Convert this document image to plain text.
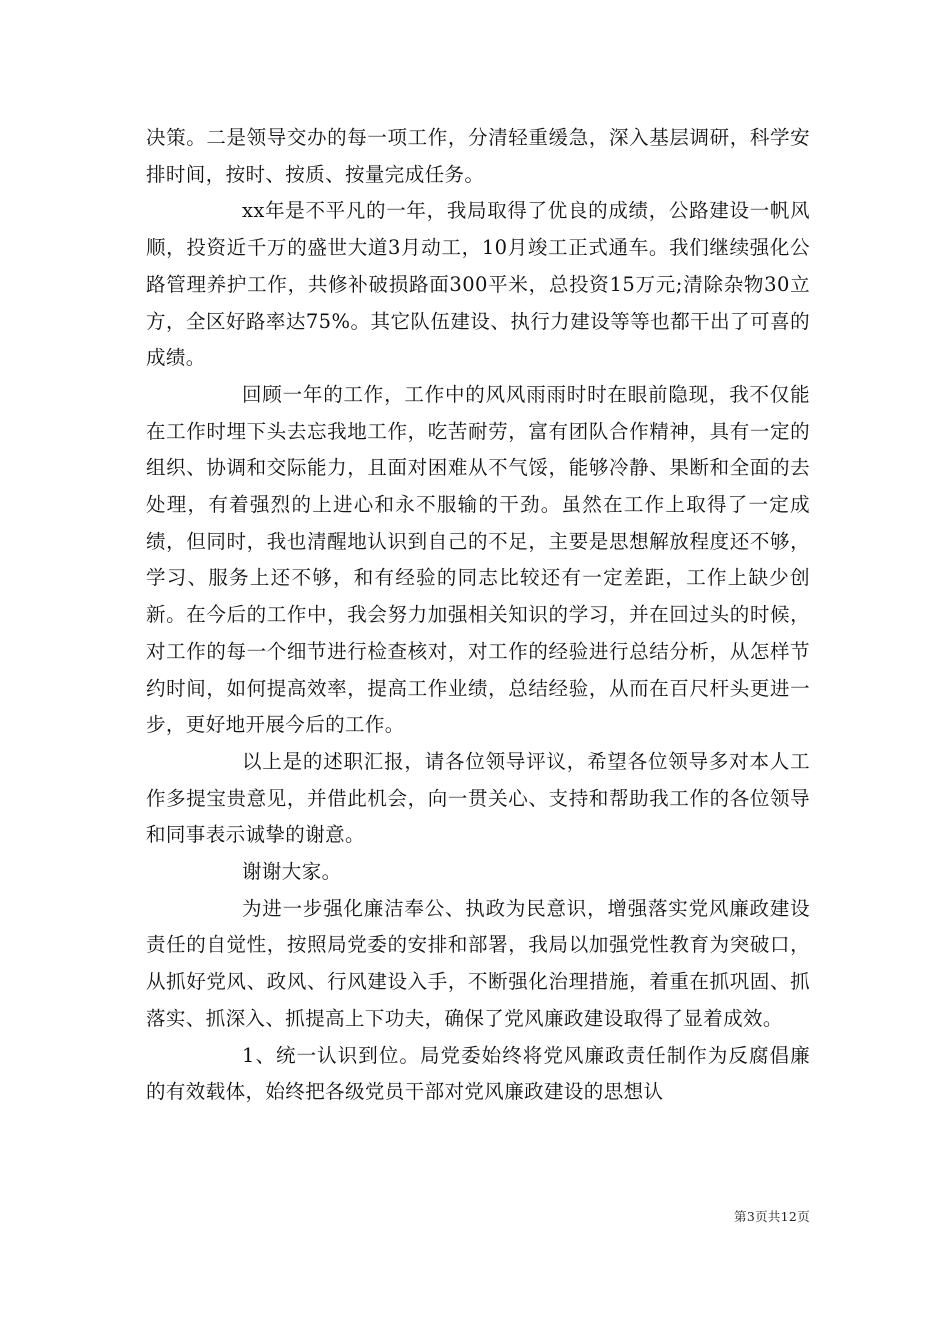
决策。二是领导交办的每一项工作，分清轻重缓急，深入基层调研，科学安排时间，按时、按质、按量完成任务。

xx年是不平凡的一年，我局取得了优良的成绩，公路建设一帆风顺，投资近千万的盛世大道3月动工，10月竣工正式通车。我们继续强化公路管理养护工作，共修补破损路面300平米，总投资15万元;清除杂物30立方，全区好路率达75%。其它队伍建设、执行力建设等等也都干出了可喜的成绩。

回顾一年的工作，工作中的风风雨雨时时在眼前隐现，我不仅能在工作时埋下头去忘我地工作，吃苦耐劳，富有团队合作精神，具有一定的组织、协调和交际能力，且面对困难从不气馁，能够冷静、果断和全面的去处理，有着强烈的上进心和永不服输的干劲。虽然在工作上取得了一定成绩，但同时，我也清醒地认识到自己的不足，主要是思想解放程度还不够，学习、服务上还不够，和有经验的同志比较还有一定差距，工作上缺少创新。在今后的工作中，我会努力加强相关知识的学习，并在回过头的时候，对工作的每一个细节进行检查核对，对工作的经验进行总结分析，从怎样节约时间，如何提高效率，提高工作业绩，总结经验，从而在百尺杆头更进一步，更好地开展今后的工作。

以上是的述职汇报，请各位领导评议，希望各位领导多对本人工作多提宝贵意见，并借此机会，向一贯关心、支持和帮助我工作的各位领导和同事表示诚挚的谢意。

谢谢大家。

为进一步强化廉洁奉公、执政为民意识，增强落实党风廉政建设责任的自觉性，按照局党委的安排和部署，我局以加强党性教育为突破口，从抓好党风、政风、行风建设入手，不断强化治理措施，着重在抓巩固、抓落实、抓深入、抓提高上下功夫，确保了党风廉政建设取得了显着成效。

1、统一认识到位。局党委始终将党风廉政责任制作为反腐倡廉的有效载体，始终把各级党员干部对党风廉政建设的思想认

第3页共12页
